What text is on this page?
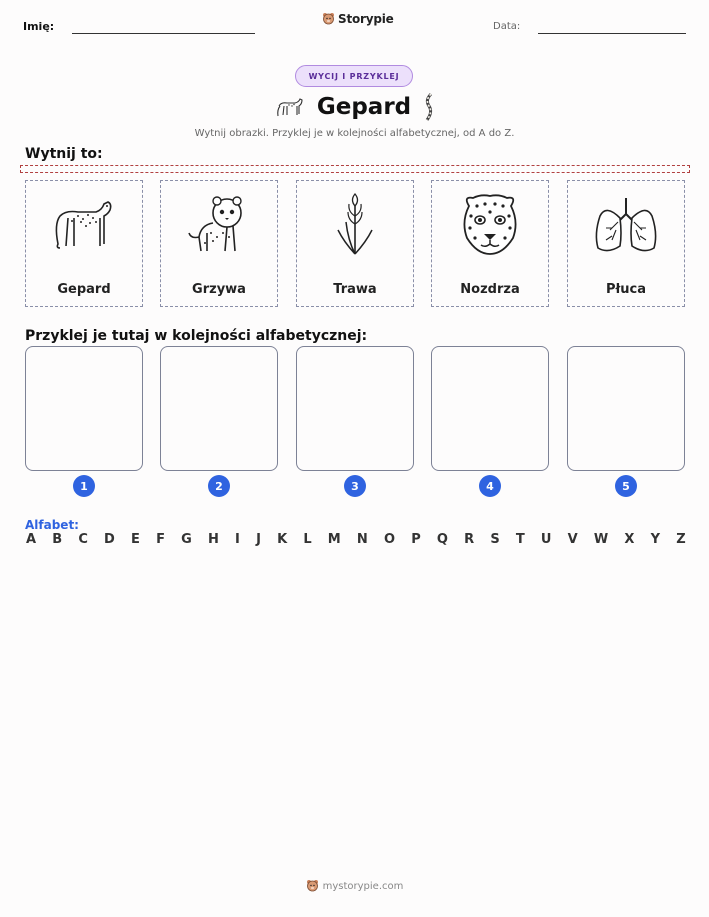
Imię:
Storypie
Data:
WYCIJ I PRZYKLEJ
Gepard
Wytnij obrazki. Przyklej je w kolejności alfabetycznej, od A do Z.
Wytnij to:
Gepard	Grzywa	Trawa	Nozdrza	Płuca
Przyklej je tutaj w kolejności alfabetycznej:
1	2	3	4	5
Alfabet:
A B C D E F G H I J K L M N O P Q R S T U V W X Y Z
mystorypie.com
